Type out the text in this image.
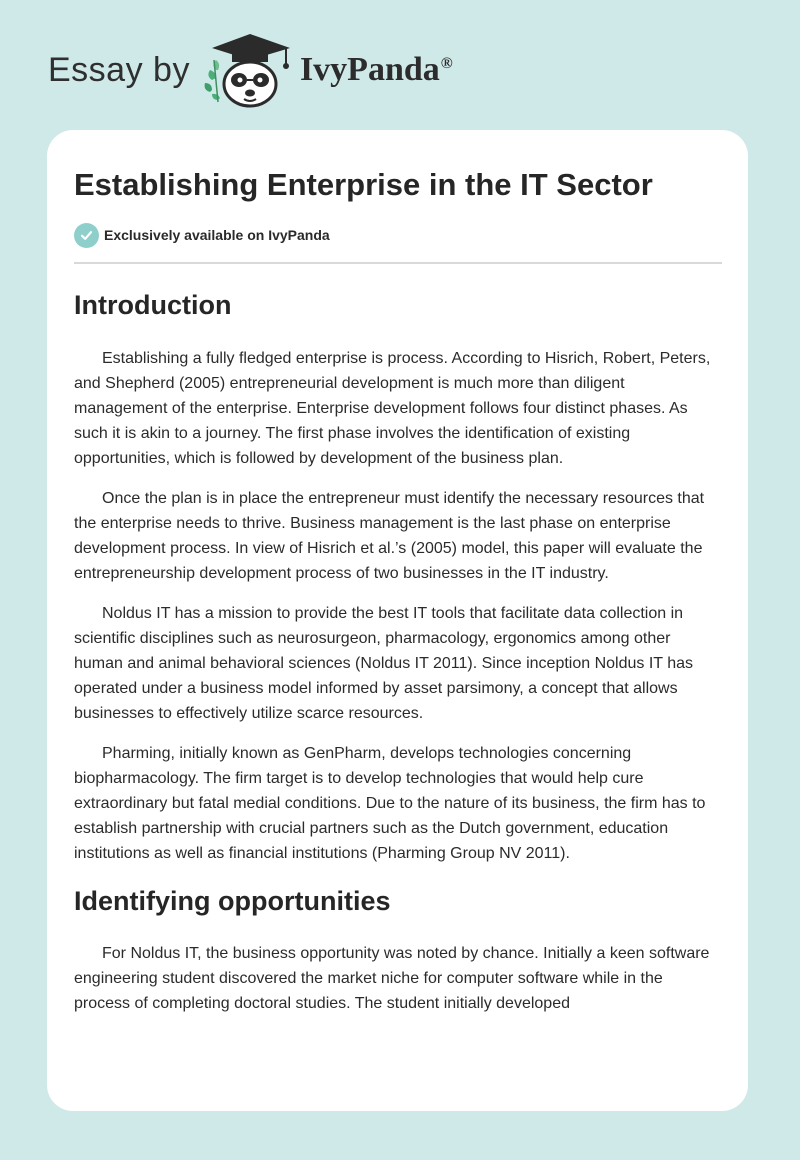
Essay by	IvyPanda®
Establishing Enterprise in the IT Sector
Exclusively available on IvyPanda
Introduction

Establishing a fully fledged enterprise is process. According to Hisrich, Robert, Peters, and Shepherd (2005) entrepreneurial development is much more than diligent management of the enterprise. Enterprise development follows four distinct phases. As such it is akin to a journey. The first phase involves the identification of existing opportunities, which is followed by development of the business plan.

Once the plan is in place the entrepreneur must identify the necessary resources that the enterprise needs to thrive. Business management is the last phase on enterprise development process. In view of Hisrich et al.’s (2005) model, this paper will evaluate the entrepreneurship development process of two businesses in the IT industry.

Noldus IT has a mission to provide the best IT tools that facilitate data collection in scientific disciplines such as neurosurgeon, pharmacology, ergonomics among other human and animal behavioral sciences (Noldus IT 2011). Since inception Noldus IT has operated under a business model informed by asset parsimony, a concept that allows businesses to effectively utilize scarce resources.

Pharming, initially known as GenPharm, develops technologies concerning biopharmacology. The firm target is to develop technologies that would help cure extraordinary but fatal medial conditions. Due to the nature of its business, the firm has to establish partnership with crucial partners such as the Dutch government, education institutions as well as financial institutions (Pharming Group NV 2011).

Identifying opportunities

For Noldus IT, the business opportunity was noted by chance. Initially a keen software engineering student discovered the market niche for computer software while in the process of completing doctoral studies. The student initially developed
